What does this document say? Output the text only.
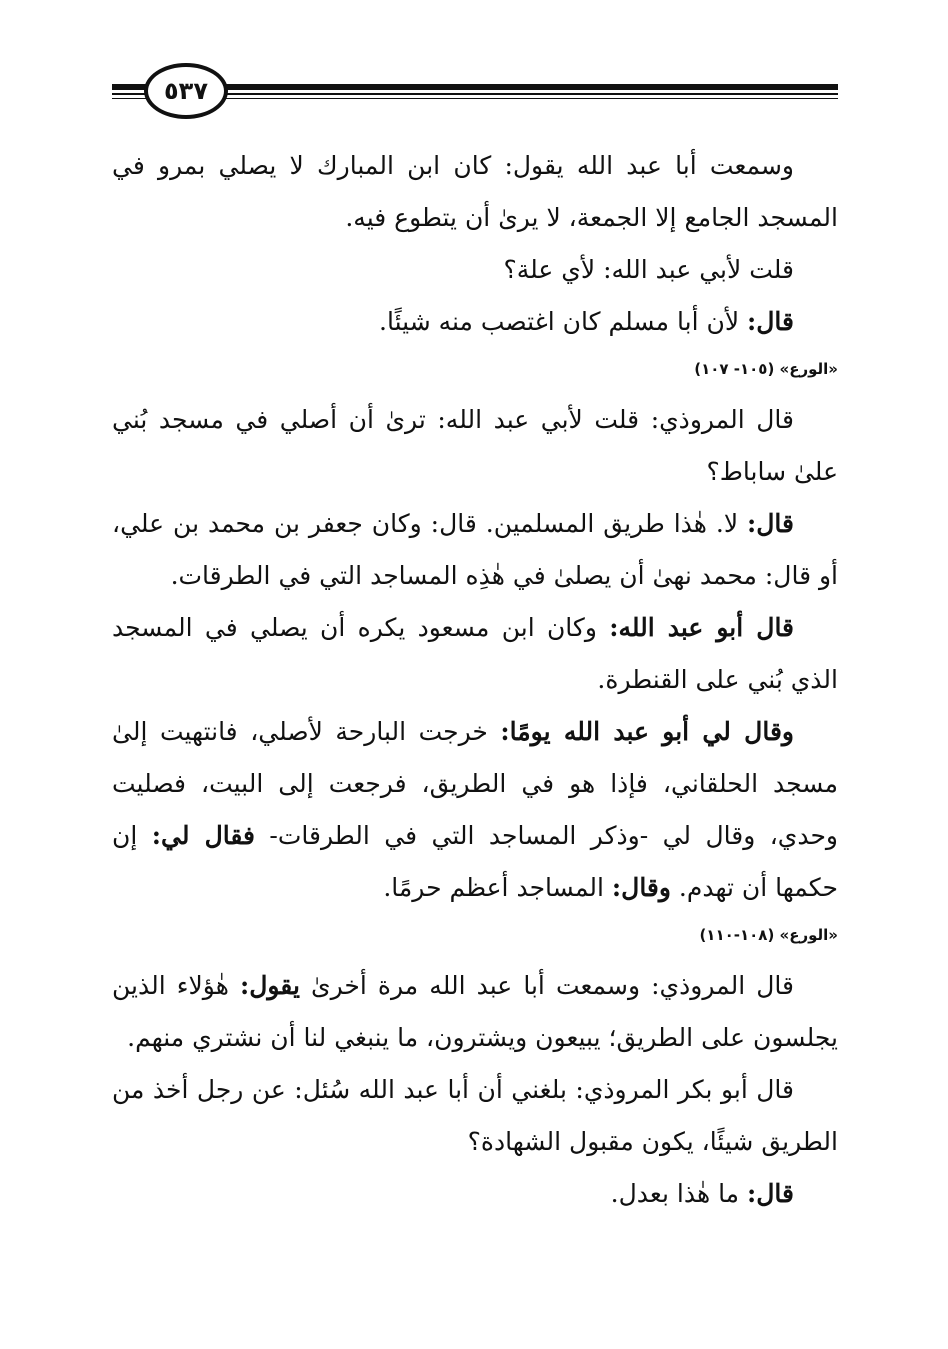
٥٣٧

وسمعت أبا عبد الله يقول: كان ابن المبارك لا يصلي بمرو في المسجد الجامع إلا الجمعة، لا يرىٰ أن يتطوع فيه.

قلت لأبي عبد الله: لأي علة؟

قال: لأن أبا مسلم كان اغتصب منه شيئًا.

«الورع» (١٠٥- ١٠٧)

قال المروذي: قلت لأبي عبد الله: ترىٰ أن أصلي في مسجد بُني علىٰ ساباط؟

قال: لا. هٰذا طريق المسلمين. قال: وكان جعفر بن محمد بن علي، أو قال: محمد نهىٰ أن يصلىٰ في هٰذِه المساجد التي في الطرقات.

قال أبو عبد الله: وكان ابن مسعود يكره أن يصلي في المسجد الذي بُني على القنطرة.

وقال لي أبو عبد الله يومًا: خرجت البارحة لأصلي، فانتهيت إلىٰ مسجد الحلقاني، فإذا هو في الطريق، فرجعت إلى البيت، فصليت وحدي، وقال لي -وذكر المساجد التي في الطرقات- فقال لي: إن حكمها أن تهدم. وقال: المساجد أعظم حرمًا.

«الورع» (١٠٨-١١٠)

قال المروذي: وسمعت أبا عبد الله مرة أخرىٰ يقول: هٰؤلاء الذين يجلسون على الطريق؛ يبيعون ويشترون، ما ينبغي لنا أن نشتري منهم.

قال أبو بكر المروذي: بلغني أن أبا عبد الله سُئل: عن رجل أخذ من الطريق شيئًا، يكون مقبول الشهادة؟

قال: ما هٰذا بعدل.
